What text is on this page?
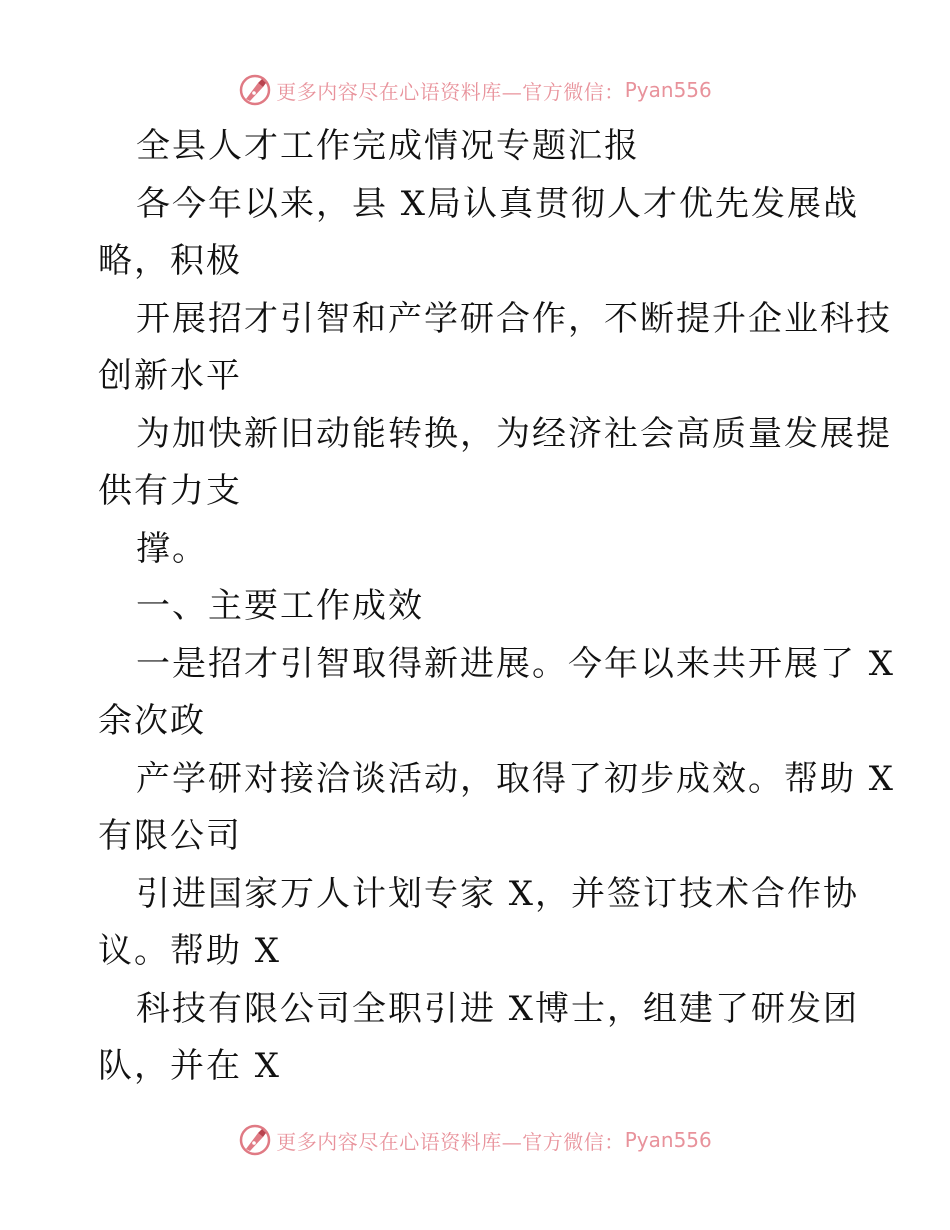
更多内容尽在心语资料库—官方微信： Pyan556
全县人才工作完成情况专题汇报
各今年以来，县 X局认真贯彻人才优先发展战
略，积极
开展招才引智和产学研合作，不断提升企业科技
创新水平
为加快新旧动能转换，为经济社会高质量发展提
供有力支
撑。
一、主要工作成效
一是招才引智取得新进展。今年以来共开展了 X
余次政
产学研对接洽谈活动，取得了初步成效。帮助 X
有限公司
引进国家万人计划专家 X，并签订技术合作协
议。帮助 X
科技有限公司全职引进 X博士，组建了研发团
队，并在 X
更多内容尽在心语资料库—官方微信： Pyan556
